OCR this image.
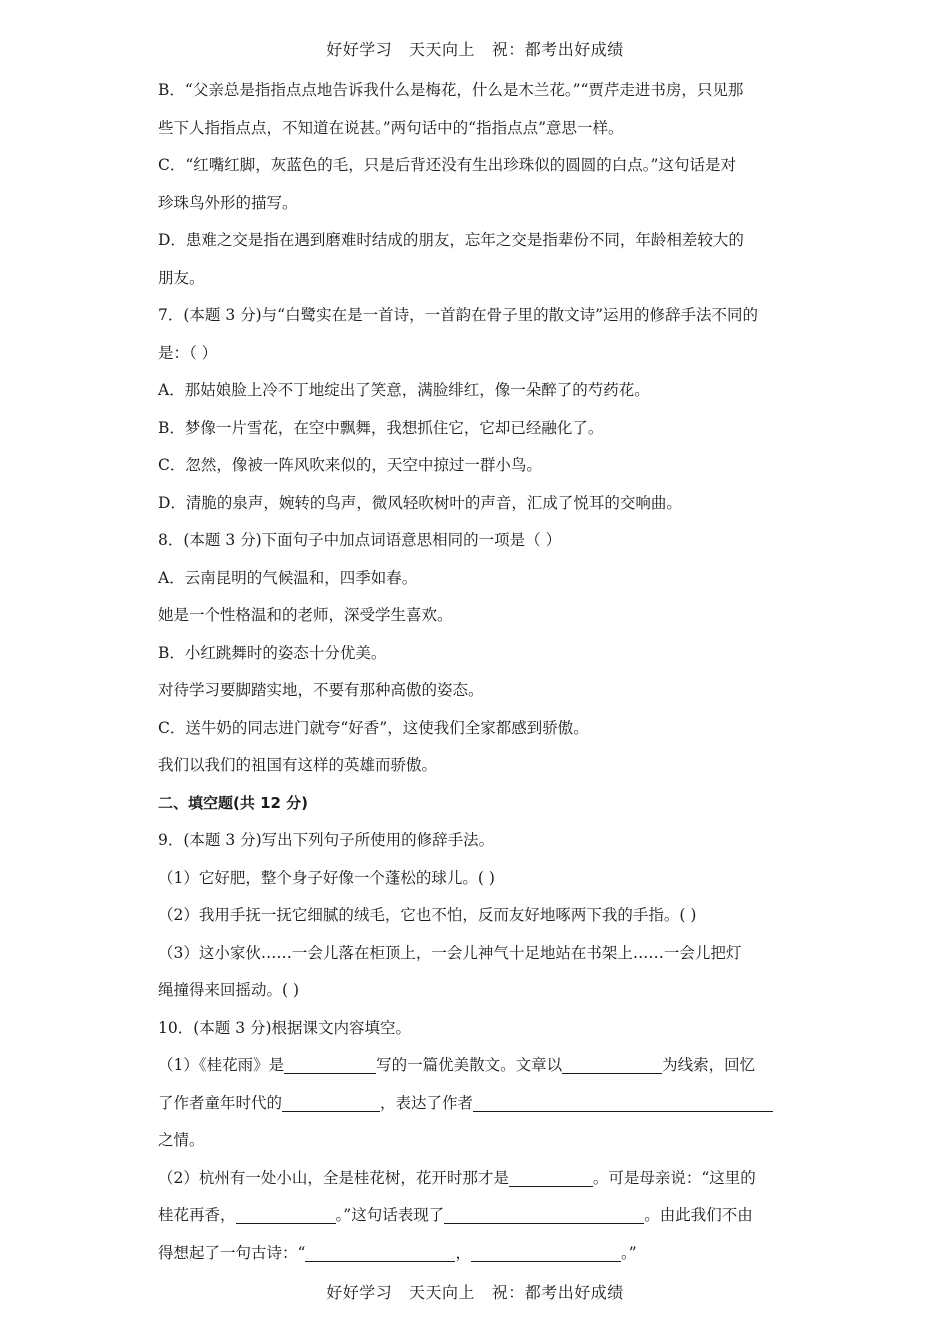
好好学习   天天向上   祝：都考出好成绩
B．“父亲总是指指点点地告诉我什么是梅花，什么是木兰花。”“贾芹走进书房，只见那
些下人指指点点，不知道在说甚。”两句话中的“指指点点”意思一样。
C．“红嘴红脚，灰蓝色的毛，只是后背还没有生出珍珠似的圆圆的白点。”这句话是对
珍珠鸟外形的描写。
D．患难之交是指在遇到磨难时结成的朋友，忘年之交是指辈份不同，年龄相差较大的
朋友。
7．(本题 3 分)与“白鹭实在是一首诗，一首韵在骨子里的散文诗”运用的修辞手法不同的
是：（ ）
A．那姑娘脸上冷不丁地绽出了笑意，满脸绯红，像一朵醉了的芍药花。
B．梦像一片雪花，在空中飘舞，我想抓住它，它却已经融化了。
C．忽然，像被一阵风吹来似的，天空中掠过一群小鸟。
D．清脆的泉声，婉转的鸟声，微风轻吹树叶的声音，汇成了悦耳的交响曲。
8．(本题 3 分)下面句子中加点词语意思相同的一项是（ ）
A．云南昆明的气候温和，四季如春。
她是一个性格温和的老师，深受学生喜欢。
B．小红跳舞时的姿态十分优美。
对待学习要脚踏实地，不要有那种高傲的姿态。
C．送牛奶的同志进门就夸“好香”，这使我们全家都感到骄傲。
我们以我们的祖国有这样的英雄而骄傲。
二、填空题(共 12 分)
9．(本题 3 分)写出下列句子所使用的修辞手法。
（1）它好肥，整个身子好像一个蓬松的球儿。( )
（2）我用手抚一抚它细腻的绒毛，它也不怕，反而友好地啄两下我的手指。( )
（3）这小家伙……一会儿落在柜顶上，一会儿神气十足地站在书架上……一会儿把灯
绳撞得来回摇动。( )
10．(本题 3 分)根据课文内容填空。
（1）《桂花雨》是	写的一篇优美散文。文章以	为线索，回忆
了作者童年时代的	，表达了作者
之情。
（2）杭州有一处小山，全是桂花树，花开时那才是	。可是母亲说：“这里的
桂花再香，	。”这句话表现了	。由此我们不由
得想起了一句古诗：“	，	。”
好好学习   天天向上   祝：都考出好成绩
